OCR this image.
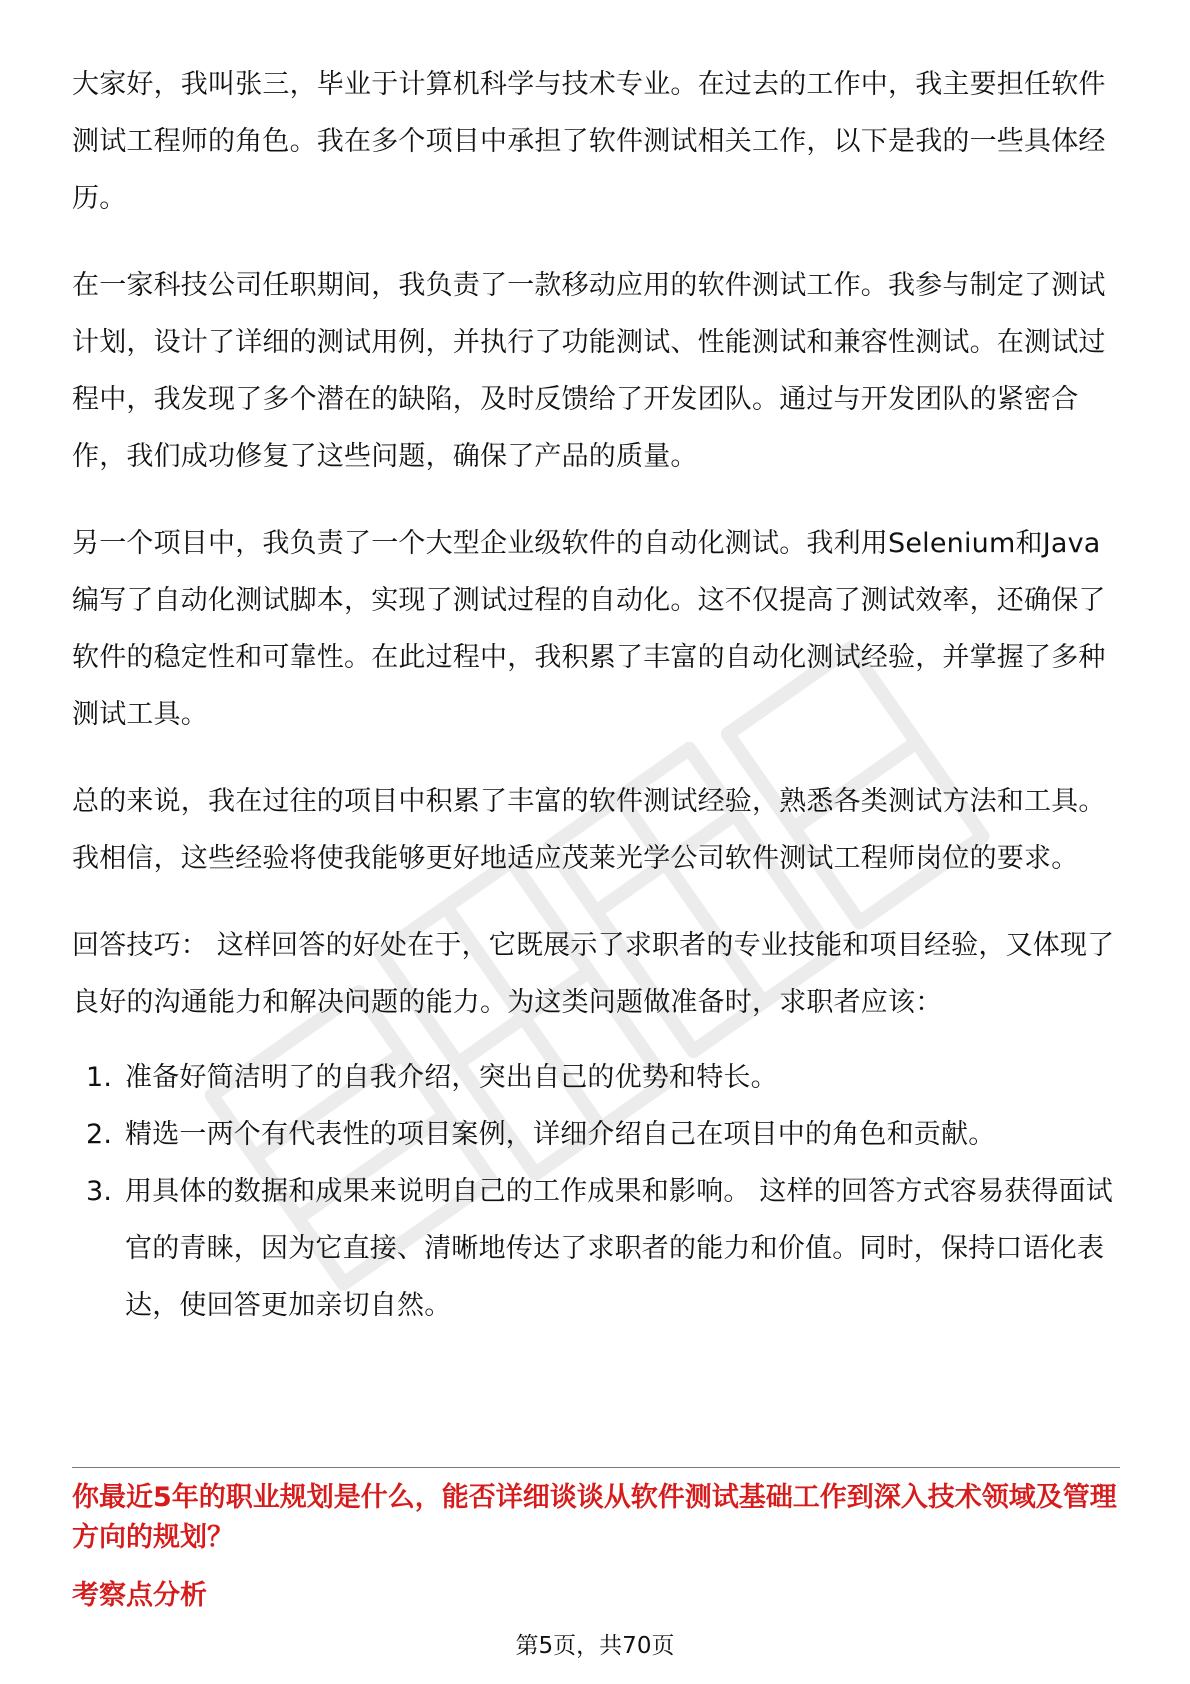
大家好，我叫张三，毕业于计算机科学与技术专业。在过去的工作中，我主要担任软件测试工程师的角色。我在多个项目中承担了软件测试相关工作，以下是我的一些具体经历。

在一家科技公司任职期间，我负责了一款移动应用的软件测试工作。我参与制定了测试计划，设计了详细的测试用例，并执行了功能测试、性能测试和兼容性测试。在测试过程中，我发现了多个潜在的缺陷，及时反馈给了开发团队。通过与开发团队的紧密合作，我们成功修复了这些问题，确保了产品的质量。

另一个项目中，我负责了一个大型企业级软件的自动化测试。我利用Selenium和Java编写了自动化测试脚本，实现了测试过程的自动化。这不仅提高了测试效率，还确保了软件的稳定性和可靠性。在此过程中，我积累了丰富的自动化测试经验，并掌握了多种测试工具。

总的来说，我在过往的项目中积累了丰富的软件测试经验，熟悉各类测试方法和工具。我相信，这些经验将使我能够更好地适应茂莱光学公司软件测试工程师岗位的要求。

回答技巧： 这样回答的好处在于，它既展示了求职者的专业技能和项目经验，又体现了良好的沟通能力和解决问题的能力。为这类问题做准备时，求职者应该：

1. 准备好简洁明了的自我介绍，突出自己的优势和特长。
2. 精选一两个有代表性的项目案例，详细介绍自己在项目中的角色和贡献。
3. 用具体的数据和成果来说明自己的工作成果和影响。 这样的回答方式容易获得面试官的青睐，因为它直接、清晰地传达了求职者的能力和价值。同时，保持口语化表达，使回答更加亲切自然。
你最近5年的职业规划是什么，能否详细谈谈从软件测试基础工作到深入技术领域及管理方向的规划？
考察点分析
第5页，共70页
